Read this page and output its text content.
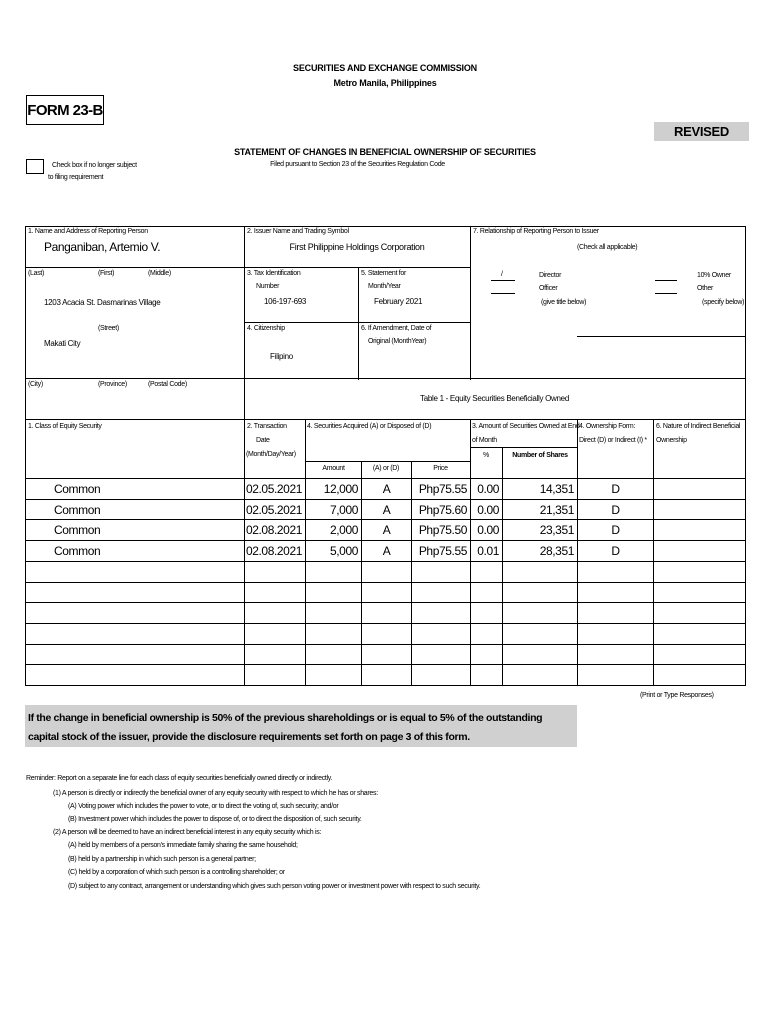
SECURITIES AND EXCHANGE COMMISSION
Metro Manila, Philippines
FORM 23-B
REVISED
STATEMENT OF CHANGES IN BENEFICIAL OWNERSHIP OF SECURITIES
Filed pursuant to Section 23 of the Securities Regulation Code
Check box if no longer subject
to filing requirement
1. Name and Address of Reporting Person
Panganiban, Artemio V.
(Last)	(First)	(Middle)
1203 Acacia St. Dasmarinas Village
(Street)
Makati City
(City)	(Province)	(Postal Code)
2. Issuer Name and Trading Symbol
First Philippine Holdings Corporation
3. Tax Identification
Number
106-197-693
5. Statement for
Month/Year
February 2021
4. Citizenship
Filipino
6. If Amendment, Date of
Original (MonthYear)
7. Relationship of Reporting Person to Issuer
(Check all applicable)
/	Director
Officer
(give title below)
10% Owner
Other
(specify below)
Table 1 - Equity Securities Beneficially Owned
1. Class of Equity Security	2. Transaction
Date
(Month/Day/Year)
4. Securities Acquired (A) or Disposed of (D)
Amount	(A) or (D)	Price
3. Amount of Securities Owned at End
of Month
%	Number of Shares
4. Ownership Form:
Direct (D) or Indirect (I) *
6. Nature of Indirect Beneficial
Ownership
Common	02.05.2021	12,000	A	Php75.55 0.00	14,351	D
Common	02.05.2021	7,000	A	Php75.60 0.00	21,351	D
Common	02.08.2021	2,000	A	Php75.50 0.00	23,351	D
Common	02.08.2021	5,000	A	Php75.55 0.01	28,351	D
(Print or Type Responses)
If the change in beneficial ownership is 50% of the previous shareholdings or is equal to 5% of the outstanding
capital stock of the issuer, provide the disclosure requirements set forth on page 3 of this form.
Reminder: Report on a separate line for each class of equity securities beneficially owned directly or indirectly.
(1) A person is directly or indirectly the beneficial owner of any equity security with respect to which he has or shares:
(A) Voting power which includes the power to vote, or to direct the voting of, such security; and/or
(B) Investment power which includes the power to dispose of, or to direct the disposition of, such security.
(2) A person will be deemed to have an indirect beneficial interest in any equity security which is:
(A) held by members of a person's immediate family sharing the same household;
(B) held by a partnership in which such person is a general partner;
(C) held by a corporation of which such person is a controlling shareholder; or
(D) subject to any contract, arrangement or understanding which gives such person voting power or investment power with respect to such security.
